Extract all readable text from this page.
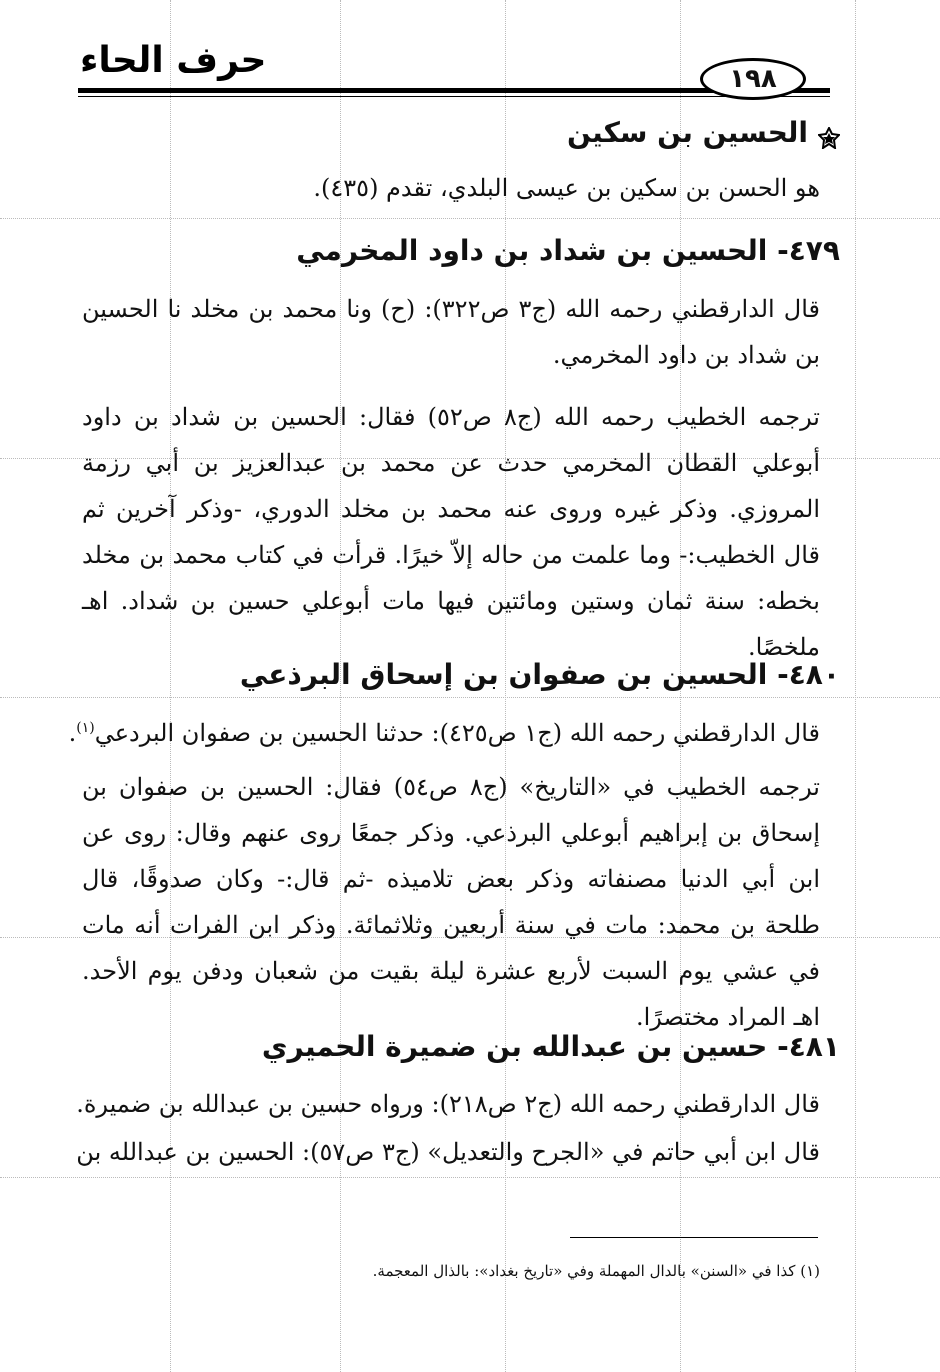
حرف الحاء	١٩٨
الحسين بن سكين
هو الحسن بن سكين بن عيسى البلدي، تقدم (٤٣٥).
٤٧٩- الحسين بن شداد بن داود المخرمي
قال الدارقطني رحمه الله (ج٣ ص٣٢٢): (ح) ونا محمد بن مخلد نا الحسين بن شداد بن داود المخرمي.
ترجمه الخطيب رحمه الله (ج٨ ص٥٢) فقال: الحسين بن شداد بن داود أبوعلي القطان المخرمي حدث عن محمد بن عبدالعزيز بن أبي رزمة المروزي. وذكر غيره وروى عنه محمد بن مخلد الدوري، -وذكر آخرين ثم قال الخطيب:- وما علمت من حاله إلاّ خيرًا. قرأت في كتاب محمد بن مخلد بخطه: سنة ثمان وستين ومائتين فيها مات أبوعلي حسين بن شداد. اهـ ملخصًا.
٤٨٠- الحسين بن صفوان بن إسحاق البرذعي
قال الدارقطني رحمه الله (ج١ ص٤٢٥): حدثنا الحسين بن صفوان البردعي$^{(١)}$.
ترجمه الخطيب في «التاريخ» (ج٨ ص٥٤) فقال: الحسين بن صفوان بن إسحاق بن إبراهيم أبوعلي البرذعي. وذكر جمعًا روى عنهم وقال: روى عن ابن أبي الدنيا مصنفاته وذكر بعض تلاميذه -ثم قال:- وكان صدوقًا، قال طلحة بن محمد: مات في سنة أربعين وثلاثمائة. وذكر ابن الفرات أنه مات في عشي يوم السبت لأربع عشرة ليلة بقيت من شعبان ودفن يوم الأحد. اهـ المراد مختصرًا.
٤٨١- حسين بن عبدالله بن ضميرة الحميري
قال الدارقطني رحمه الله (ج٢ ص٢١٨): ورواه حسين بن عبدالله بن ضميرة.
قال ابن أبي حاتم في «الجرح والتعديل» (ج٣ ص٥٧): الحسين بن عبدالله بن
(١) كذا في «السنن» بالدال المهملة وفي «تاريخ بغداد»: بالذال المعجمة.
